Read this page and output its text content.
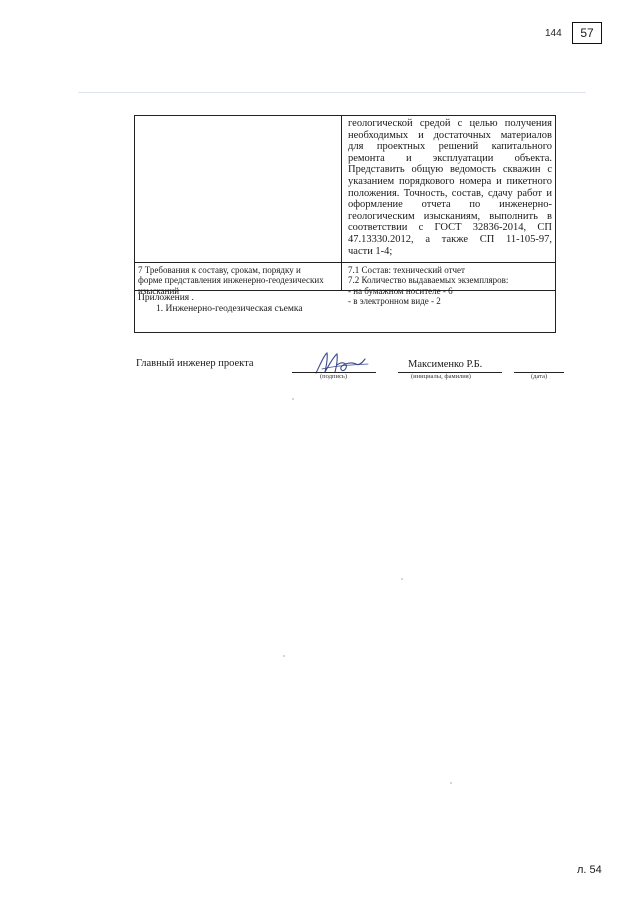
144	57
геологической средой с целью получения
необходимых и достаточных материалов
для проектных решений капитального
ремонта и эксплуатации объекта.
Представить общую ведомость скважин с
указанием порядкового номера и пикетного
положения. Точность, состав, сдачу работ и
оформление отчета по инженерно-
геологическим изысканиям, выполнить в
соответствии с ГОСТ 32836-2014, СП
47.13330.2012, а также СП 11-105-97,
части 1-4;
7 Требования к составу, срокам, порядку и
форме представления инженерно-геодезических
изысканий
7.1 Состав: технический отчет
7.2 Количество выдаваемых экземпляров:
- на бумажном носителе - 6
- в электронном виде - 2
Приложения .
1. Инженерно-геодезическая съемка
Главный инженер проекта
(подпись)
Максименко Р.Б.
(инициалы, фамилия)	(дата)
л. 54
